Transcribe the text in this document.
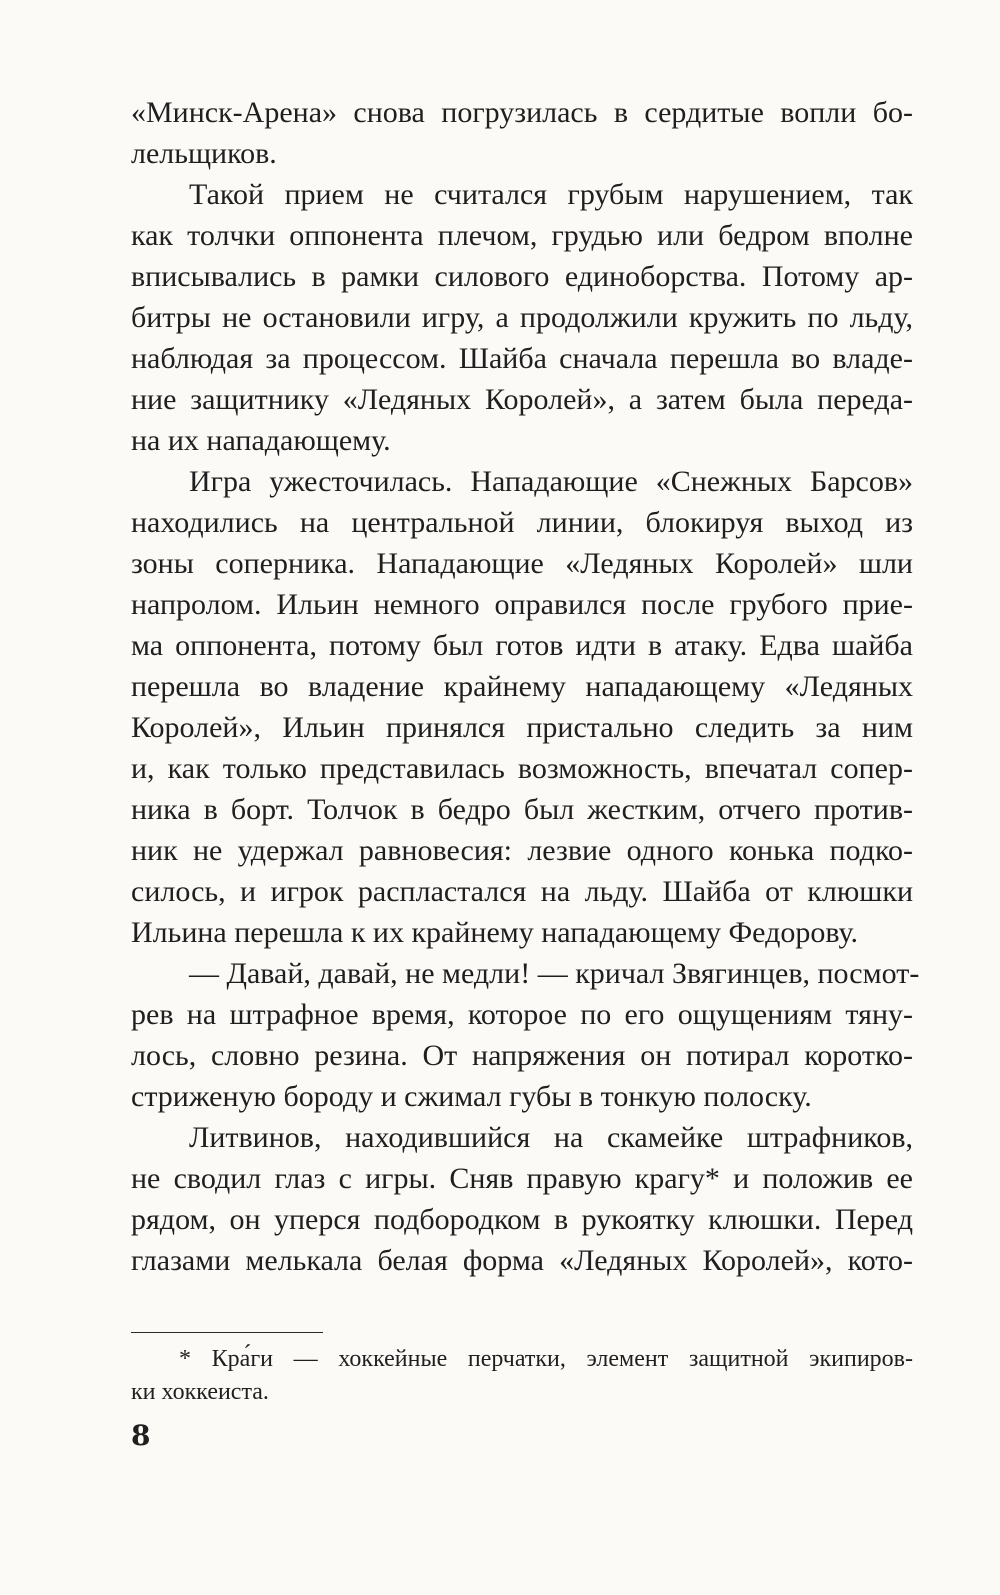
«Минск-Арена» снова погрузилась в сердитые вопли бо-
лельщиков.
Такой прием не считался грубым нарушением, так
как толчки оппонента плечом, грудью или бедром вполне
вписывались в рамки силового единоборства. Потому ар-
битры не остановили игру, а продолжили кружить по льду,
наблюдая за процессом. Шайба сначала перешла во владе-
ние защитнику «Ледяных Королей», а затем была переда-
на их нападающему.
Игра ужесточилась. Нападающие «Снежных Барсов»
находились на центральной линии, блокируя выход из
зоны соперника. Нападающие «Ледяных Королей» шли
напролом. Ильин немного оправился после грубого прие-
ма оппонента, потому был готов идти в атаку. Едва шайба
перешла во владение крайнему нападающему «Ледяных
Королей», Ильин принялся пристально следить за ним
и, как только представилась возможность, впечатал сопер-
ника в борт. Толчок в бедро был жестким, отчего против-
ник не удержал равновесия: лезвие одного конька подко-
силось, и игрок распластался на льду. Шайба от клюшки
Ильина перешла к их крайнему нападающему Федорову.
— Давай, давай, не медли! — кричал Звягинцев, посмот-
рев на штрафное время, которое по его ощущениям тяну-
лось, словно резина. От напряжения он потирал коротко-
стриженую бороду и сжимал губы в тонкую полоску.
Литвинов, находившийся на скамейке штрафников,
не сводил глаз с игры. Сняв правую крагу* и положив ее
рядом, он уперся подбородком в рукоятку клюшки. Перед
глазами мелькала белая форма «Ледяных Королей», кото-
* Кра́ги — хоккейные перчатки, элемент защитной экипиров-
ки хоккеиста.
8
